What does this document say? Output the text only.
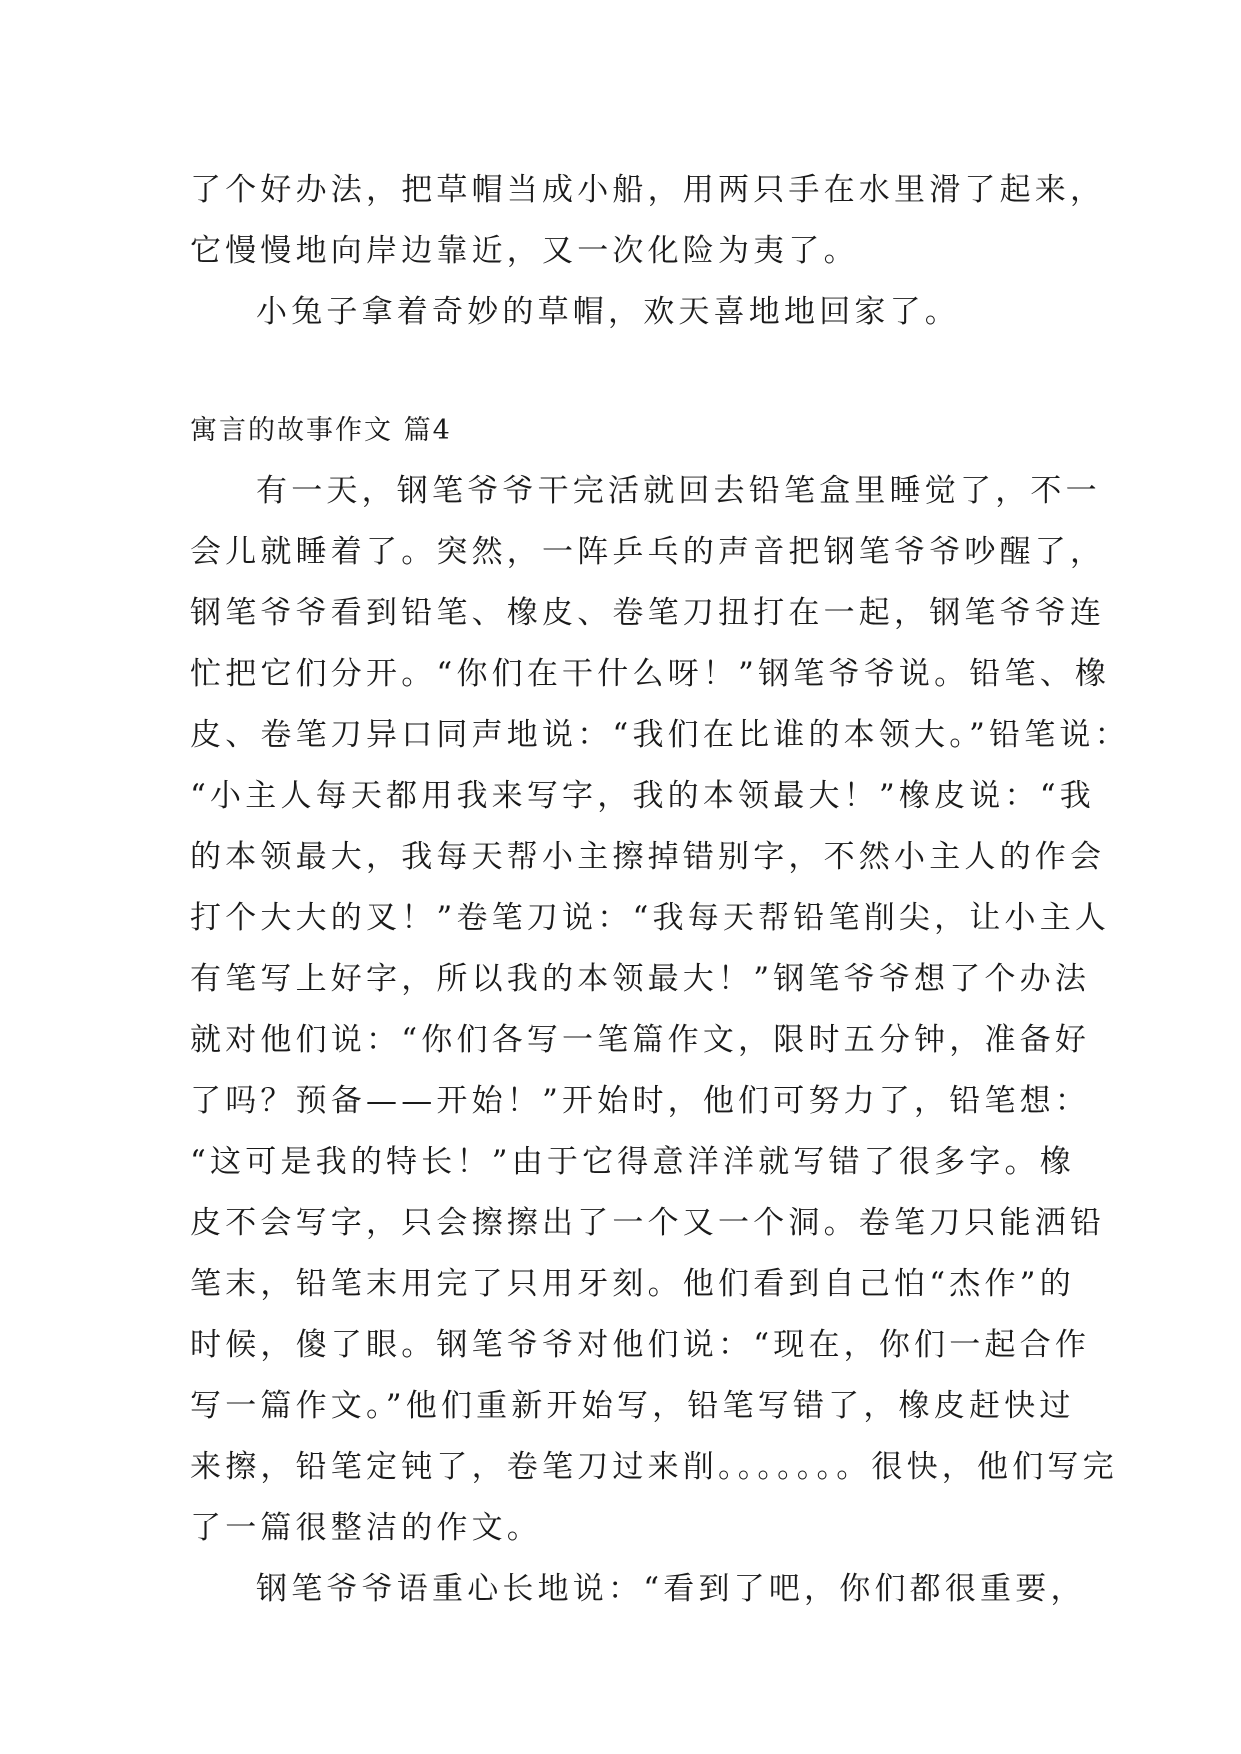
了个好办法，把草帽当成小船，用两只手在水里滑了起来，
它慢慢地向岸边靠近，又一次化险为夷了。
小兔子拿着奇妙的草帽，欢天喜地地回家了。
寓言的故事作文 篇4
有一天，钢笔爷爷干完活就回去铅笔盒里睡觉了，不一
会儿就睡着了。突然，一阵乒乓的声音把钢笔爷爷吵醒了，
钢笔爷爷看到铅笔、橡皮、卷笔刀扭打在一起，钢笔爷爷连
忙把它们分开。“你们在干什么呀！”钢笔爷爷说。铅笔、橡
皮、卷笔刀异口同声地说：“我们在比谁的本领大。”铅笔说：
“小主人每天都用我来写字，我的本领最大！”橡皮说：“我
的本领最大，我每天帮小主擦掉错别字，不然小主人的作会
打个大大的叉！”卷笔刀说：“我每天帮铅笔削尖，让小主人
有笔写上好字，所以我的本领最大！”钢笔爷爷想了个办法
就对他们说：“你们各写一笔篇作文，限时五分钟，准备好
了吗？预备——开始！”开始时，他们可努力了，铅笔想：
“这可是我的特长！”由于它得意洋洋就写错了很多字。橡
皮不会写字，只会擦擦出了一个又一个洞。卷笔刀只能洒铅
笔末，铅笔末用完了只用牙刻。他们看到自己怕“杰作”的
时候，傻了眼。钢笔爷爷对他们说：“现在，你们一起合作
写一篇作文。”他们重新开始写，铅笔写错了，橡皮赶快过
来擦，铅笔定钝了，卷笔刀过来削。。。。。。。很快，他们写完
了一篇很整洁的作文。
钢笔爷爷语重心长地说：“看到了吧，你们都很重要，
